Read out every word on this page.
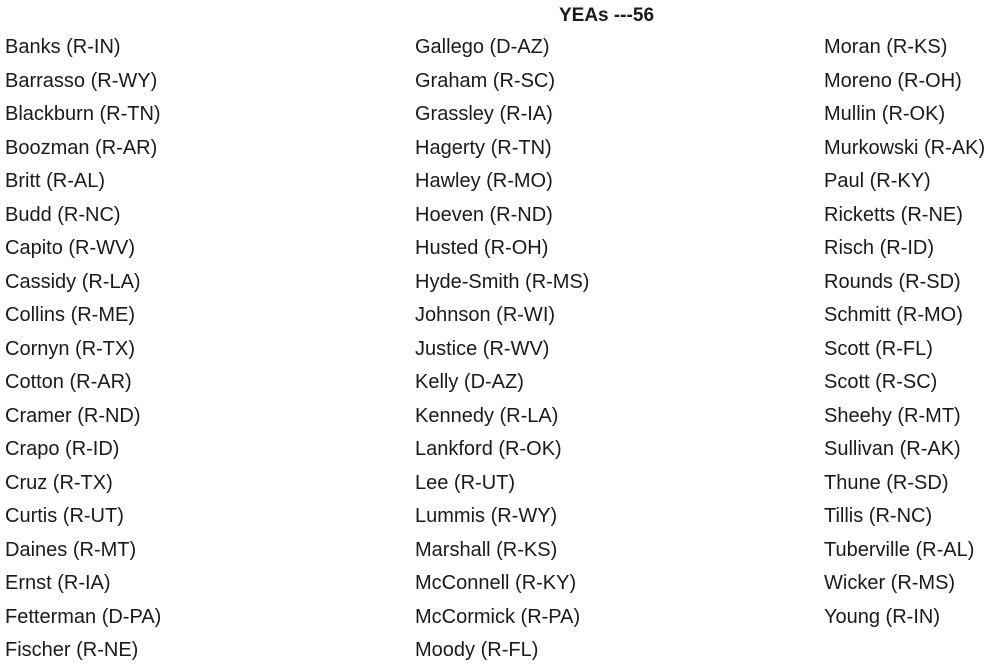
YEAs ---56
Banks (R-IN)
Barrasso (R-WY)
Blackburn (R-TN)
Boozman (R-AR)
Britt (R-AL)
Budd (R-NC)
Capito (R-WV)
Cassidy (R-LA)
Collins (R-ME)
Cornyn (R-TX)
Cotton (R-AR)
Cramer (R-ND)
Crapo (R-ID)
Cruz (R-TX)
Curtis (R-UT)
Daines (R-MT)
Ernst (R-IA)
Fetterman (D-PA)
Fischer (R-NE)
Gallego (D-AZ)
Graham (R-SC)
Grassley (R-IA)
Hagerty (R-TN)
Hawley (R-MO)
Hoeven (R-ND)
Husted (R-OH)
Hyde-Smith (R-MS)
Johnson (R-WI)
Justice (R-WV)
Kelly (D-AZ)
Kennedy (R-LA)
Lankford (R-OK)
Lee (R-UT)
Lummis (R-WY)
Marshall (R-KS)
McConnell (R-KY)
McCormick (R-PA)
Moody (R-FL)
Moran (R-KS)
Moreno (R-OH)
Mullin (R-OK)
Murkowski (R-AK)
Paul (R-KY)
Ricketts (R-NE)
Risch (R-ID)
Rounds (R-SD)
Schmitt (R-MO)
Scott (R-FL)
Scott (R-SC)
Sheehy (R-MT)
Sullivan (R-AK)
Thune (R-SD)
Tillis (R-NC)
Tuberville (R-AL)
Wicker (R-MS)
Young (R-IN)
